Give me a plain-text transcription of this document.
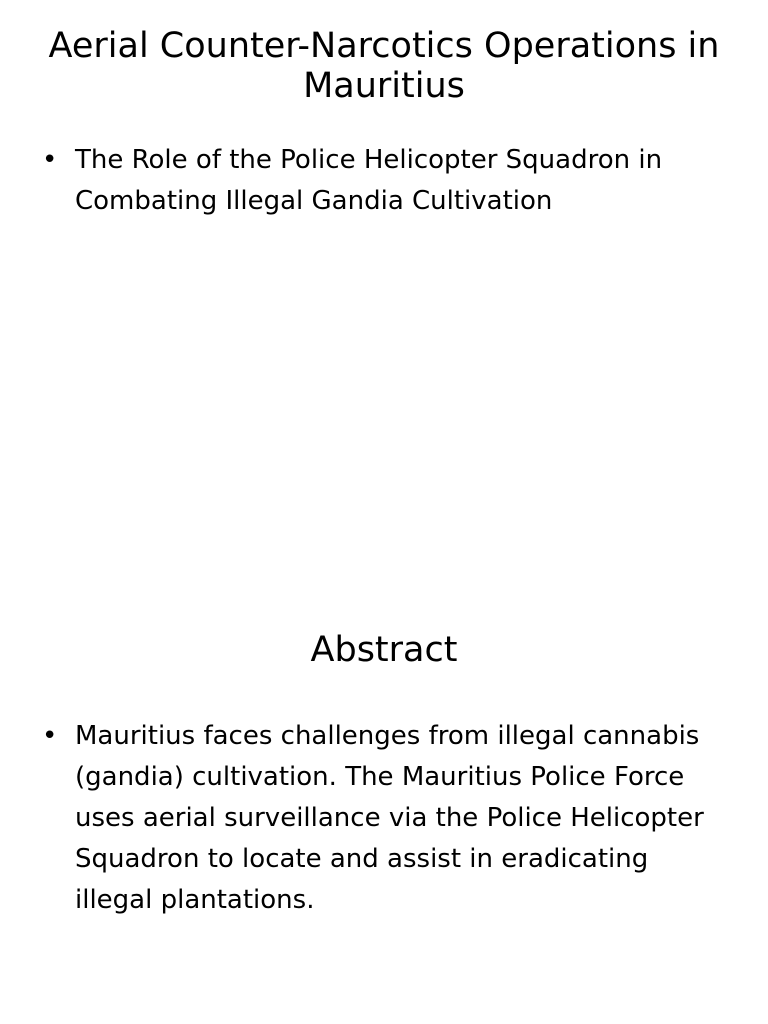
Aerial Counter-Narcotics Operations in Mauritius
• The Role of the Police Helicopter Squadron in Combating Illegal Gandia Cultivation
Abstract
• Mauritius faces challenges from illegal cannabis (gandia) cultivation. The Mauritius Police Force uses aerial surveillance via the Police Helicopter Squadron to locate and assist in eradicating illegal plantations.
